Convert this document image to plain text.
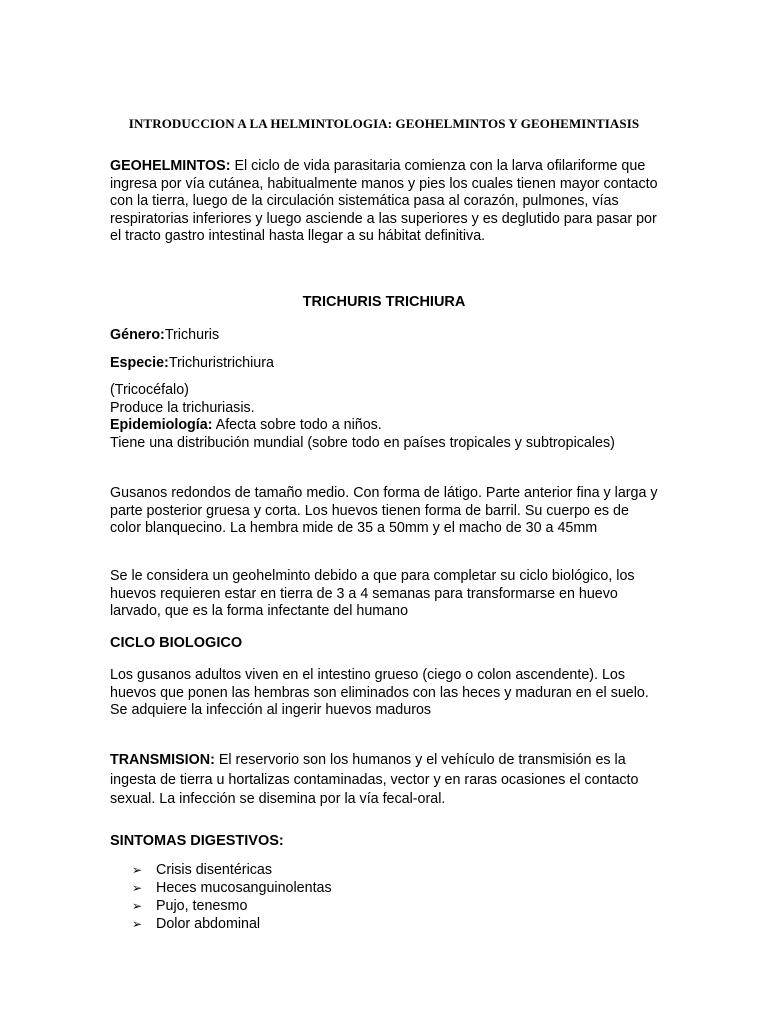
INTRODUCCION A LA HELMINTOLOGIA: GEOHELMINTOS Y GEOHEMINTIASIS

GEOHELMINTOS: El ciclo de vida parasitaria comienza con la larva ofilariforme que ingresa por vía cutánea, habitualmente manos y pies los cuales tienen mayor contacto con la tierra, luego de la circulación sistemática pasa al corazón, pulmones, vías respiratorias inferiores y luego asciende a las superiores y es deglutido para pasar por el tracto gastro intestinal hasta llegar a su hábitat definitiva.

TRICHURIS TRICHIURA

Género:Trichuris

Especie:Trichuristrichiura

(Tricocéfalo)

Produce la trichuriasis.

Epidemiología: Afecta sobre todo a niños.

Tiene una distribución mundial (sobre todo en países tropicales y subtropicales)

Gusanos redondos de tamaño medio. Con forma de látigo. Parte anterior fina y larga y parte posterior gruesa y corta. Los huevos tienen forma de barril. Su cuerpo es de color blanquecino. La hembra mide de 35 a 50mm y el macho de 30 a 45mm
Se le considera un geohelminto debido a que para completar su ciclo biológico, los huevos requieren estar en tierra de 3 a 4 semanas para transformarse en huevo larvado, que es la forma infectante del humano
CICLO BIOLOGICO

Los gusanos adultos viven en el intestino grueso (ciego o colon ascendente). Los huevos que ponen las hembras son eliminados con las heces y maduran en el suelo.

Se adquiere la infección al ingerir huevos maduros

TRANSMISION: El reservorio son los humanos y el vehículo de transmisión es la ingesta de tierra u hortalizas contaminadas, vector y en raras ocasiones el contacto sexual. La infección se disemina por la vía fecal-oral.

SINTOMAS DIGESTIVOS:
➢ Crisis disentéricas
➢ Heces mucosanguinolentas
➢ Pujo, tenesmo
➢ Dolor abdominal
